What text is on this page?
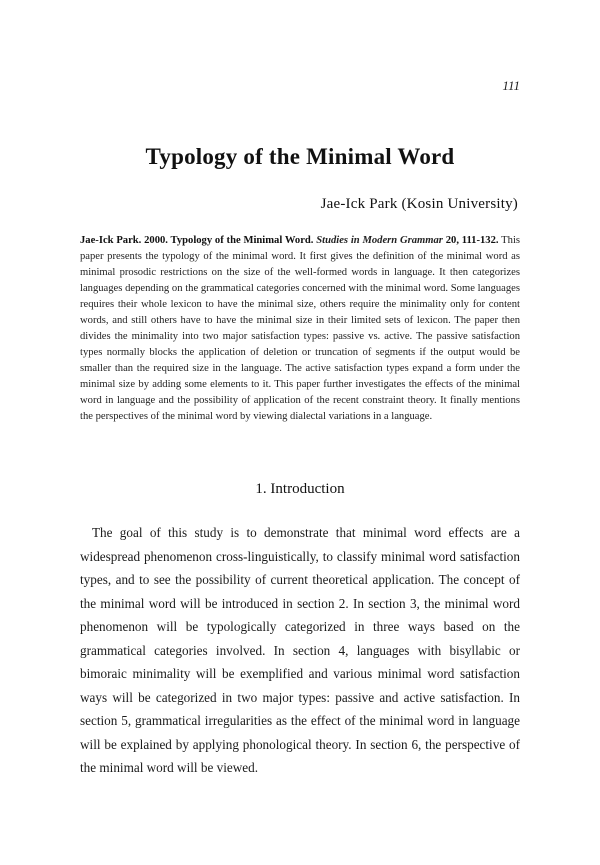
111
Typology of the Minimal Word
Jae-Ick Park (Kosin University)

Jae-Ick Park. 2000. Typology of the Minimal Word. Studies in Modern Grammar 20, 111-132. This paper presents the typology of the minimal word. It first gives the definition of the minimal word as minimal prosodic restrictions on the size of the well-formed words in language. It then categorizes languages depending on the grammatical categories concerned with the minimal word. Some languages requires their whole lexicon to have the minimal size, others require the minimality only for content words, and still others have to have the minimal size in their limited sets of lexicon. The paper then divides the minimality into two major satisfaction types: passive vs. active. The passive satisfaction types normally blocks the application of deletion or truncation of segments if the output would be smaller than the required size in the language. The active satisfaction types expand a form under the minimal size by adding some elements to it. This paper further investigates the effects of the minimal word in language and the possibility of application of the recent constraint theory. It finally mentions the perspectives of the minimal word by viewing dialectal variations in a language.

1. Introduction

The goal of this study is to demonstrate that minimal word effects are a widespread phenomenon cross-linguistically, to classify minimal word satisfaction types, and to see the possibility of current theoretical application. The concept of the minimal word will be introduced in section 2. In section 3, the minimal word phenomenon will be typologically categorized in three ways based on the grammatical categories involved. In section 4, languages with bisyllabic or bimoraic minimality will be exemplified and various minimal word satisfaction ways will be categorized in two major types: passive and active satisfaction. In section 5, grammatical irregularities as the effect of the minimal word in language will be explained by applying phonological theory. In section 6, the perspective of the minimal word will be viewed.
